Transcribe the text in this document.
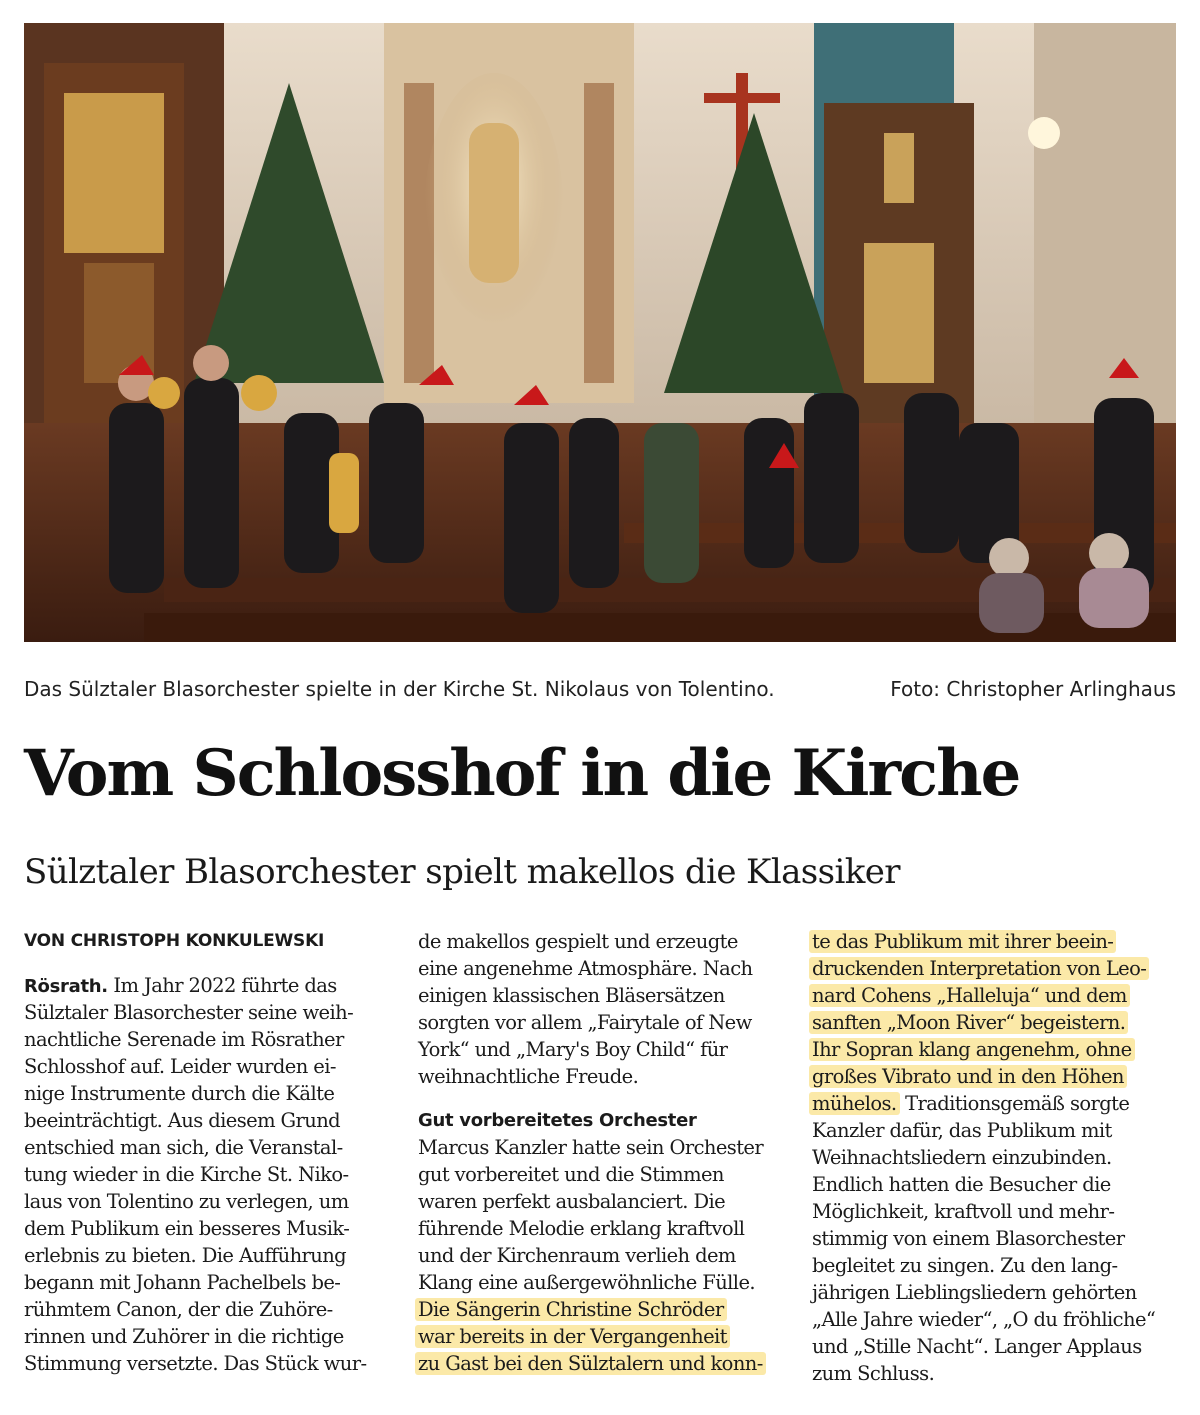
Das Sülztaler Blasorchester spielte in der Kirche St. Nikolaus von Tolentino.	Foto: Christopher Arlinghaus
Vom Schlosshof in die Kirche
Sülztaler Blasorchester spielt makellos die Klassiker
VON CHRISTOPH KONKULEWSKI
Rösrath. Im Jahr 2022 führte das
Sülztaler Blasorchester seine weih-
nachtliche Serenade im Rösrather
Schlosshof auf. Leider wurden ei-
nige Instrumente durch die Kälte
beeinträchtigt. Aus diesem Grund
entschied man sich, die Veranstal-
tung wieder in die Kirche St. Niko-
laus von Tolentino zu verlegen, um
dem Publikum ein besseres Musik-
erlebnis zu bieten. Die Aufführung
begann mit Johann Pachelbels be-
rühmtem Canon, der die Zuhöre-
rinnen und Zuhörer in die richtige
Stimmung versetzte. Das Stück wur-
de makellos gespielt und erzeugte
eine angenehme Atmosphäre. Nach
einigen klassischen Bläsersätzen
sorgten vor allem „Fairytale of New
York“ und „Mary's Boy Child“ für
weihnachtliche Freude.
Gut vorbereitetes Orchester
Marcus Kanzler hatte sein Orchester
gut vorbereitet und die Stimmen
waren perfekt ausbalanciert. Die
führende Melodie erklang kraftvoll
und der Kirchenraum verlieh dem
Klang eine außergewöhnliche Fülle.
Die Sängerin Christine Schröder
war bereits in der Vergangenheit
zu Gast bei den Sülztalern und konn-
te das Publikum mit ihrer beein-
druckenden Interpretation von Leo-
nard Cohens „Halleluja“ und dem
sanften „Moon River“ begeistern.
Ihr Sopran klang angenehm, ohne
großes Vibrato und in den Höhen
mühelos. Traditionsgemäß sorgte
Kanzler dafür, das Publikum mit
Weihnachtsliedern einzubinden.
Endlich hatten die Besucher die
Möglichkeit, kraftvoll und mehr-
stimmig von einem Blasorchester
begleitet zu singen. Zu den lang-
jährigen Lieblingsliedern gehörten
„Alle Jahre wieder“, „O du fröhliche“
und „Stille Nacht“. Langer Applaus
zum Schluss.
